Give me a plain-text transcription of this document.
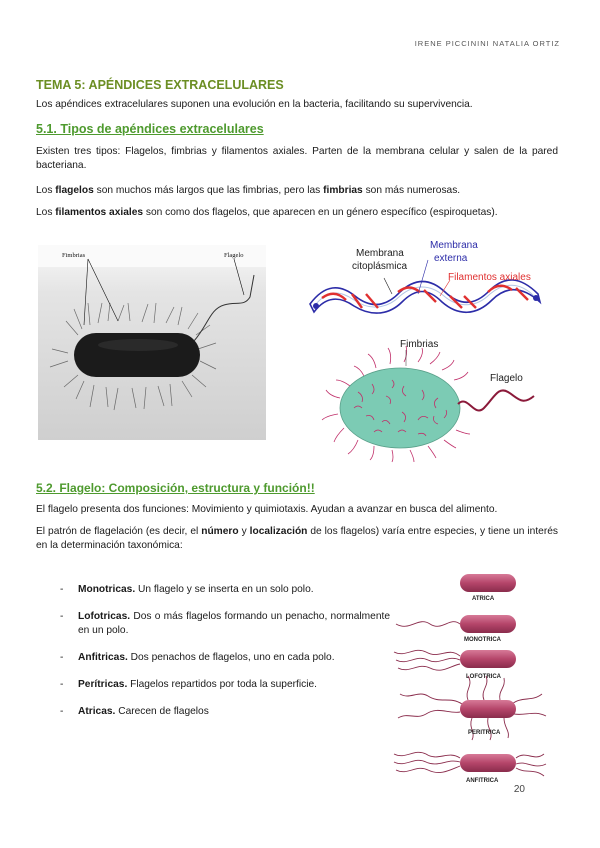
IRENE PICCININI NATALIA ORTIZ
TEMA 5: APÉNDICES EXTRACELULARES
Los apéndices extracelulares suponen una evolución en la bacteria, facilitando su supervivencia.
5.1. Tipos de apéndices extracelulares
Existen tres tipos: Flagelos, fimbrias y filamentos axiales. Parten de la membrana celular y salen de la pared bacteriana.
Los flagelos son muchos más largos que las fimbrias, pero las fimbrias son más numerosas.
Los filamentos axiales son como dos flagelos, que aparecen en un género específico (espiroquetas).
Fimbrias	Flagelo	Membrana
citoplásmica
Membrana
externa
Filamentos axiales
Fimbrias
Flagelo
5.2. Flagelo: Composición, estructura y función!!
El flagelo presenta dos funciones: Movimiento y quimiotaxis. Ayudan a avanzar en busca del alimento.
El patrón de flagelación (es decir, el número y localización de los flagelos) varía entre especies, y tiene un interés en la determinación taxonómica:
-	Monotricas. Un flagelo y se inserta en un solo polo.
-	Lofotricas. Dos o más flagelos formando un penacho, normalmente en un polo.
-	Anfitricas. Dos penachos de flagelos, uno en cada polo.
-	Perítricas. Flagelos repartidos por toda la superficie.
-	Atricas. Carecen de flagelos
ATRICA
MONOTRICA
LOFOTRICA
PERITRICA
ANFITRICA
20
